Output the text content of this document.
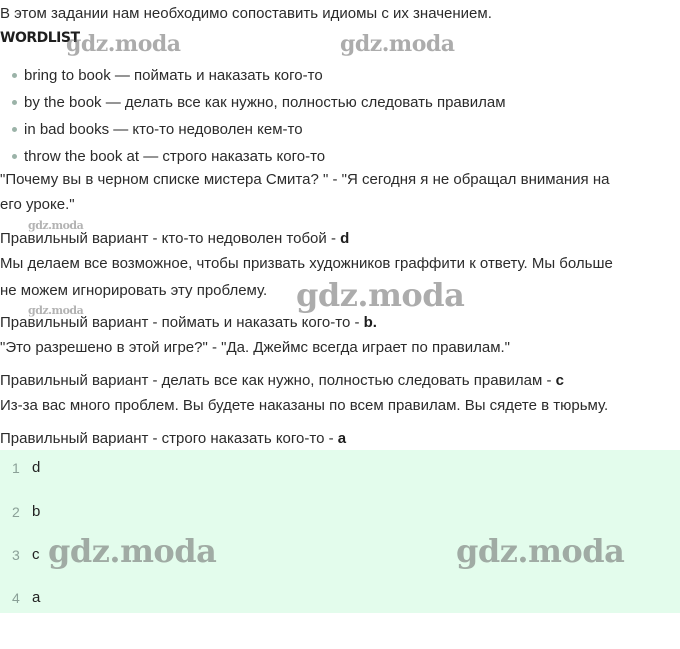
В этом задании нам необходимо сопоставить идиомы с их значением.
WORDLIST
bring to book — поймать и наказать кого-то
by the book — делать все как нужно, полностью следовать правилам
in bad books — кто-то недоволен кем-то
throw the book at — строго наказать кого-то
"Почему вы в черном списке мистера Смита? " - "Я сегодня я не обращал внимания на
его уроке."
Правильный вариант - кто-то недоволен тобой - d
Мы делаем все возможное, чтобы призвать художников граффити к ответу. Мы больше
не можем игнорировать эту проблему.
Правильный вариант - поймать и наказать кого-то - b.
"Это разрешено в этой игре?" - "Да. Джеймс всегда играет по правилам."
Правильный вариант - делать все как нужно, полностью следовать правилам - c
Из-за вас много проблем. Вы будете наказаны по всем правилам. Вы сядете в тюрьму.
Правильный вариант - строго наказать кого-то - a
1 d
2 b
3 c
4 a
gdz.moda	gdz.moda
gdz.moda
gdz.moda
gdz.moda
gdz.moda	gdz.moda
